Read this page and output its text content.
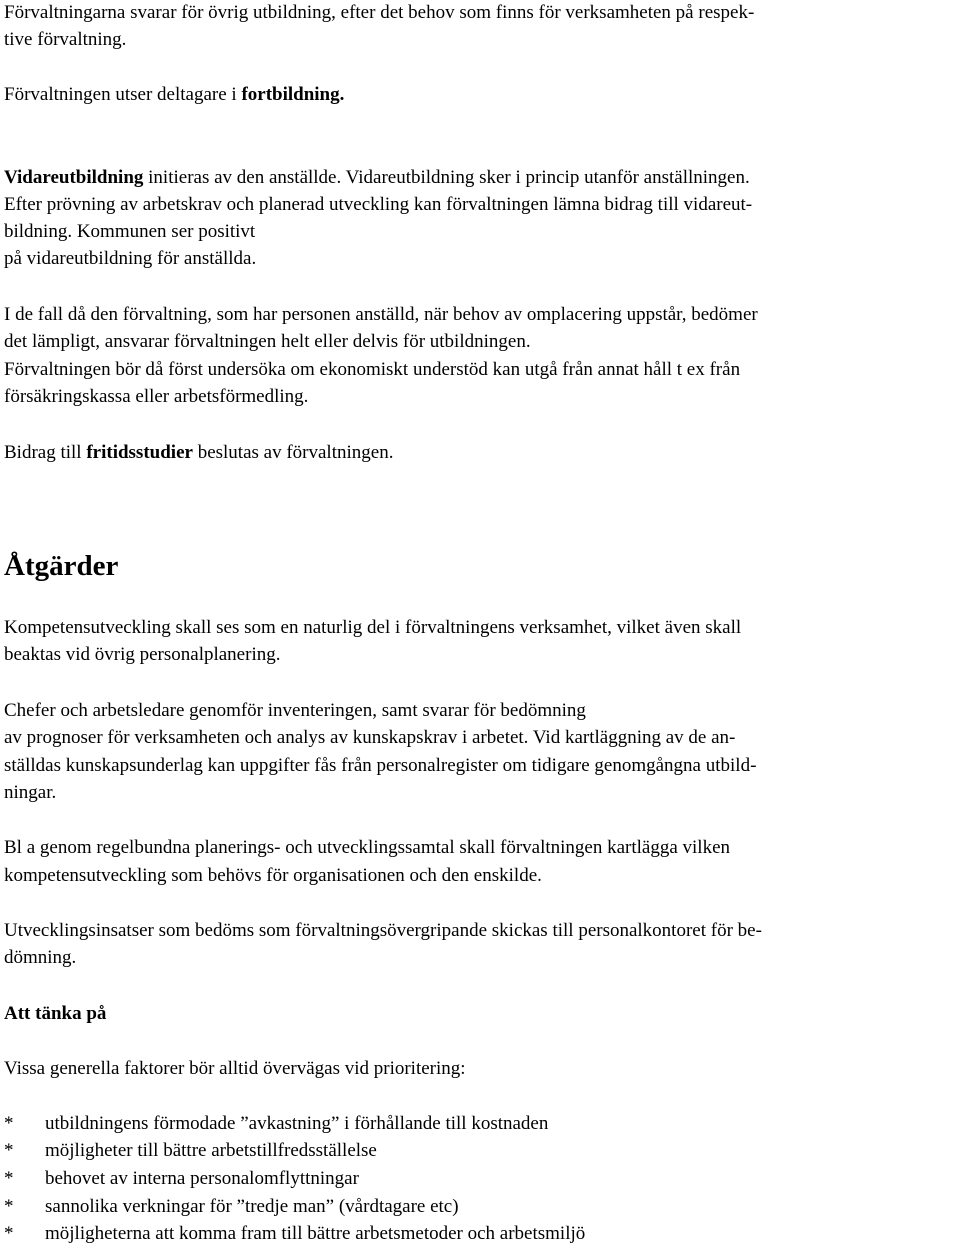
Förvaltningarna svarar för övrig utbildning, efter det behov som finns för verksamheten på respek-
tive förvaltning.
Förvaltningen utser deltagare i fortbildning.
Vidareutbildning initieras av den anställde. Vidareutbildning sker i princip utanför anställningen.
Efter prövning av arbetskrav och planerad utveckling kan förvaltningen lämna bidrag till vidareut-
bildning. Kommunen ser positivt
på vidareutbildning för anställda.
I de fall då den förvaltning, som har personen anställd, när behov av omplacering uppstår, bedömer
det lämpligt, ansvarar förvaltningen helt eller delvis för utbildningen.
Förvaltningen bör då först undersöka om ekonomiskt understöd kan utgå från annat håll t ex från
försäkringskassa eller arbetsförmedling.
Bidrag till fritidsstudier beslutas av förvaltningen.
Åtgärder
Kompetensutveckling skall ses som en naturlig del i förvaltningens verksamhet, vilket även skall
beaktas vid övrig personalplanering.
Chefer och arbetsledare genomför inventeringen, samt svarar för bedömning
av prognoser för verksamheten och analys av kunskapskrav i arbetet. Vid kartläggning av de an-
ställdas kunskapsunderlag kan uppgifter fås från personalregister om tidigare genomgångna utbild-
ningar.
Bl a genom regelbundna planerings- och utvecklingssamtal skall förvaltningen kartlägga vilken
kompetensutveckling som behövs för organisationen och den enskilde.
Utvecklingsinsatser som bedöms som förvaltningsövergripande skickas till personalkontoret för be-
dömning.
Att tänka på
Vissa generella faktorer bör alltid övervägas vid prioritering:
* utbildningens förmodade ”avkastning” i förhållande till kostnaden
* möjligheter till bättre arbetstillfredsställelse
* behovet av interna personalomflyttningar
* sannolika verkningar för ”tredje man” (vårdtagare etc)
* möjligheterna att komma fram till bättre arbetsmetoder och arbetsmiljö
